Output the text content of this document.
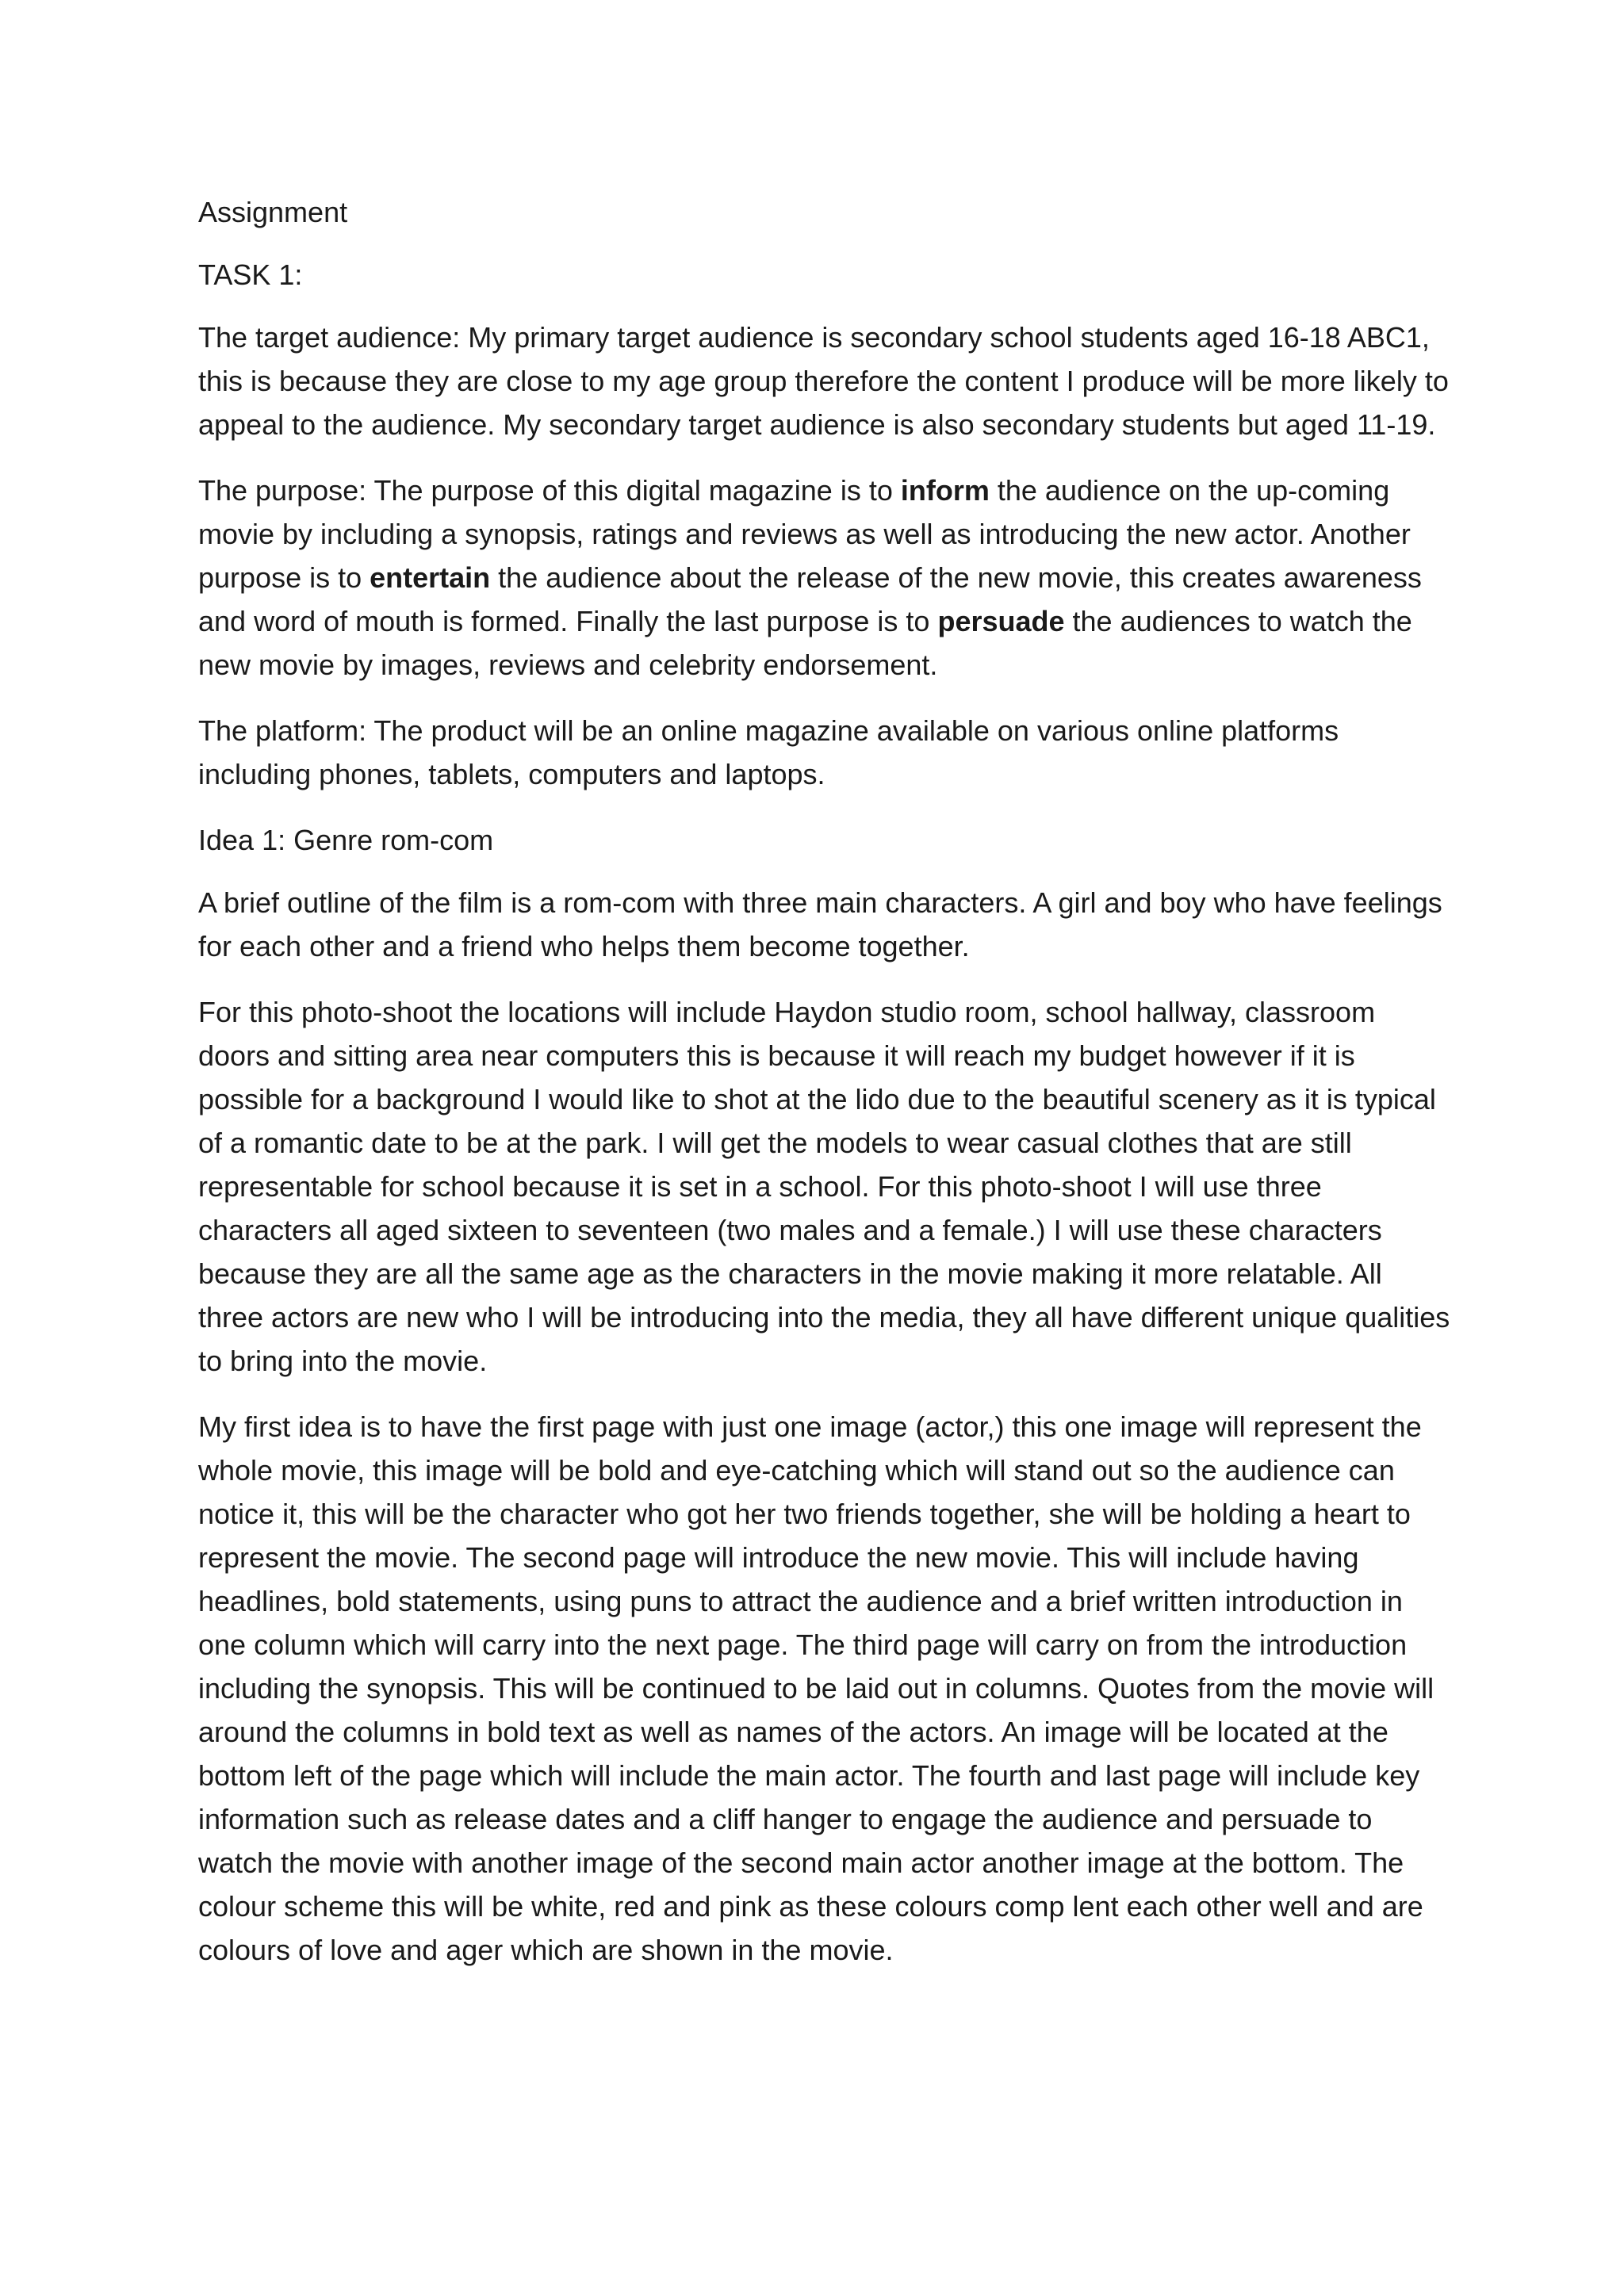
Assignment

TASK 1:

The target audience: My primary target audience is secondary school students aged 16-18 ABC1, this is because they are close to my age group therefore the content I produce will be more likely to appeal to the audience. My secondary target audience is also secondary students but aged 11-19.

The purpose: The purpose of this digital magazine is to inform the audience on the up-coming movie by including a synopsis, ratings and reviews as well as introducing the new actor. Another purpose is to entertain the audience about the release of the new movie, this creates awareness and word of mouth is formed. Finally the last purpose is to persuade the audiences to watch the new movie by images, reviews and celebrity endorsement.

The platform: The product will be an online magazine available on various online platforms including phones, tablets, computers and laptops.

Idea 1: Genre rom-com

A brief outline of the film is a rom-com with three main characters. A girl and boy who have feelings for each other and a friend who helps them become together.

For this photo-shoot the locations will include Haydon studio room, school hallway, classroom doors and sitting area near computers this is because it will reach my budget however if it is possible for a background I would like to shot at the lido due to the beautiful scenery as it is typical of a romantic date to be at the park. I will get the models to wear casual clothes that are still representable for school because it is set in a school. For this photo-shoot I will use three characters all aged sixteen to seventeen (two males and a female.) I will use these characters because they are all the same age as the characters in the movie making it more relatable. All three actors are new who I will be introducing into the media, they all have different unique qualities to bring into the movie.

My first idea is to have the first page with just one image (actor,) this one image will represent the whole movie, this image will be bold and eye-catching which will stand out so the audience can notice it, this will be the character who got her two friends together, she will be holding a heart to represent the movie. The second page will introduce the new movie. This will include having headlines, bold statements, using puns to attract the audience and a brief written introduction in one column which will carry into the next page. The third page will carry on from the introduction including the synopsis. This will be continued to be laid out in columns. Quotes from the movie will around the columns in bold text as well as names of the actors. An image will be located at the bottom left of the page which will include the main actor. The fourth and last page will include key information such as release dates and a cliff hanger to engage the audience and persuade to watch the movie with another image of the second main actor another image at the bottom. The colour scheme this will be white, red and pink as these colours comp lent each other well and are colours of love and ager which are shown in the movie.
